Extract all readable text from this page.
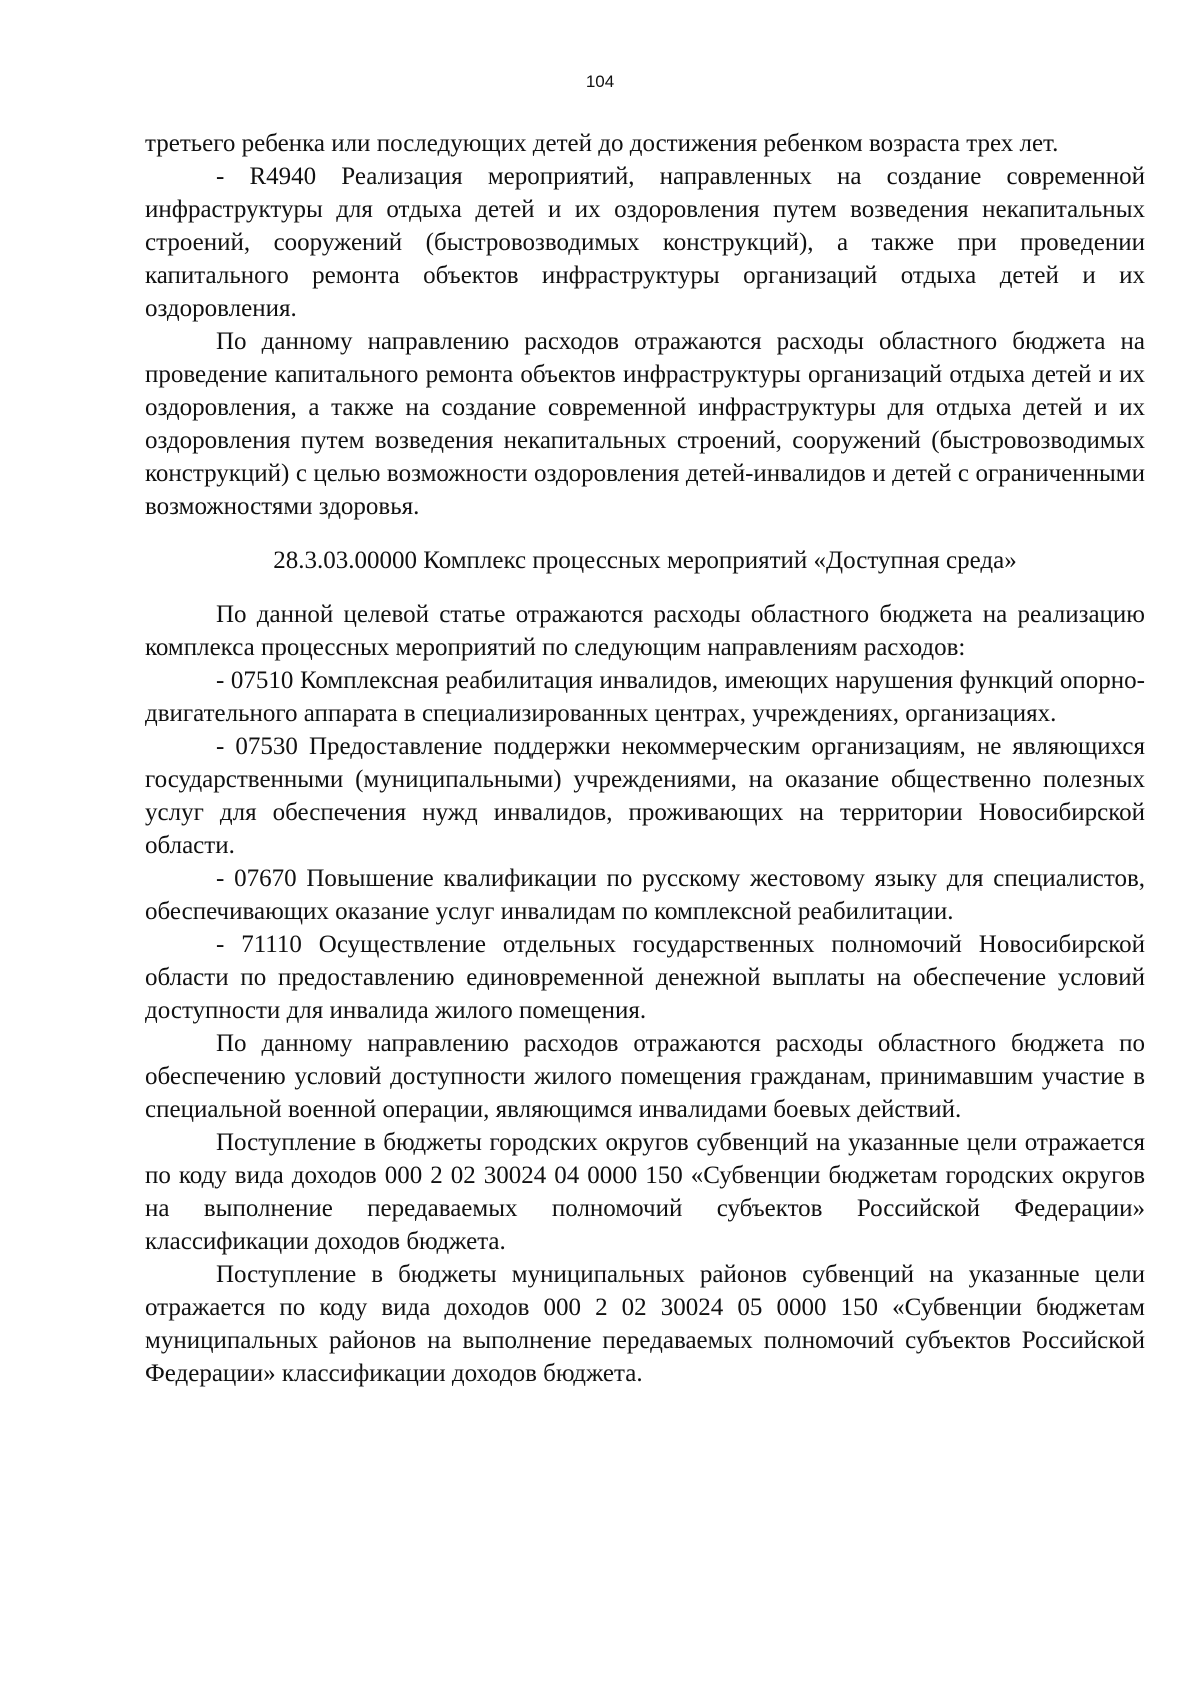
104

третьего ребенка или последующих детей до достижения ребенком возраста трех лет.

- R4940 Реализация мероприятий, направленных на создание современной инфраструктуры для отдыха детей и их оздоровления путем возведения некапитальных строений, сооружений (быстровозводимых конструкций), а также при проведении капитального ремонта объектов инфраструктуры организаций отдыха детей и их оздоровления.

По данному направлению расходов отражаются расходы областного бюджета на проведение капитального ремонта объектов инфраструктуры организаций отдыха детей и их оздоровления, а также на создание современной инфраструктуры для отдыха детей и их оздоровления путем возведения некапитальных строений, сооружений (быстровозводимых конструкций) с целью возможности оздоровления детей-инвалидов и детей с ограниченными возможностями здоровья.

28.3.03.00000 Комплекс процессных мероприятий «Доступная среда»

По данной целевой статье отражаются расходы областного бюджета на реализацию комплекса процессных мероприятий по следующим направлениям расходов:

- 07510 Комплексная реабилитация инвалидов, имеющих нарушения функций опорно-двигательного аппарата в специализированных центрах, учреждениях, организациях.

- 07530 Предоставление поддержки некоммерческим организациям, не являющихся государственными (муниципальными) учреждениями, на оказание общественно полезных услуг для обеспечения нужд инвалидов, проживающих на территории Новосибирской области.

- 07670 Повышение квалификации по русскому жестовому языку для специалистов, обеспечивающих оказание услуг инвалидам по комплексной реабилитации.

- 71110 Осуществление отдельных государственных полномочий Новосибирской области по предоставлению единовременной денежной выплаты на обеспечение условий доступности для инвалида жилого помещения.

По данному направлению расходов отражаются расходы областного бюджета по обеспечению условий доступности жилого помещения гражданам, принимавшим участие в специальной военной операции, являющимся инвалидами боевых действий.

Поступление в бюджеты городских округов субвенций на указанные цели отражается по коду вида доходов 000 2 02 30024 04 0000 150 «Субвенции бюджетам городских округов на выполнение передаваемых полномочий субъектов Российской Федерации» классификации доходов бюджета.

Поступление в бюджеты муниципальных районов субвенций на указанные цели отражается по коду вида доходов 000 2 02 30024 05 0000 150 «Субвенции бюджетам муниципальных районов на выполнение передаваемых полномочий субъектов Российской Федерации» классификации доходов бюджета.
